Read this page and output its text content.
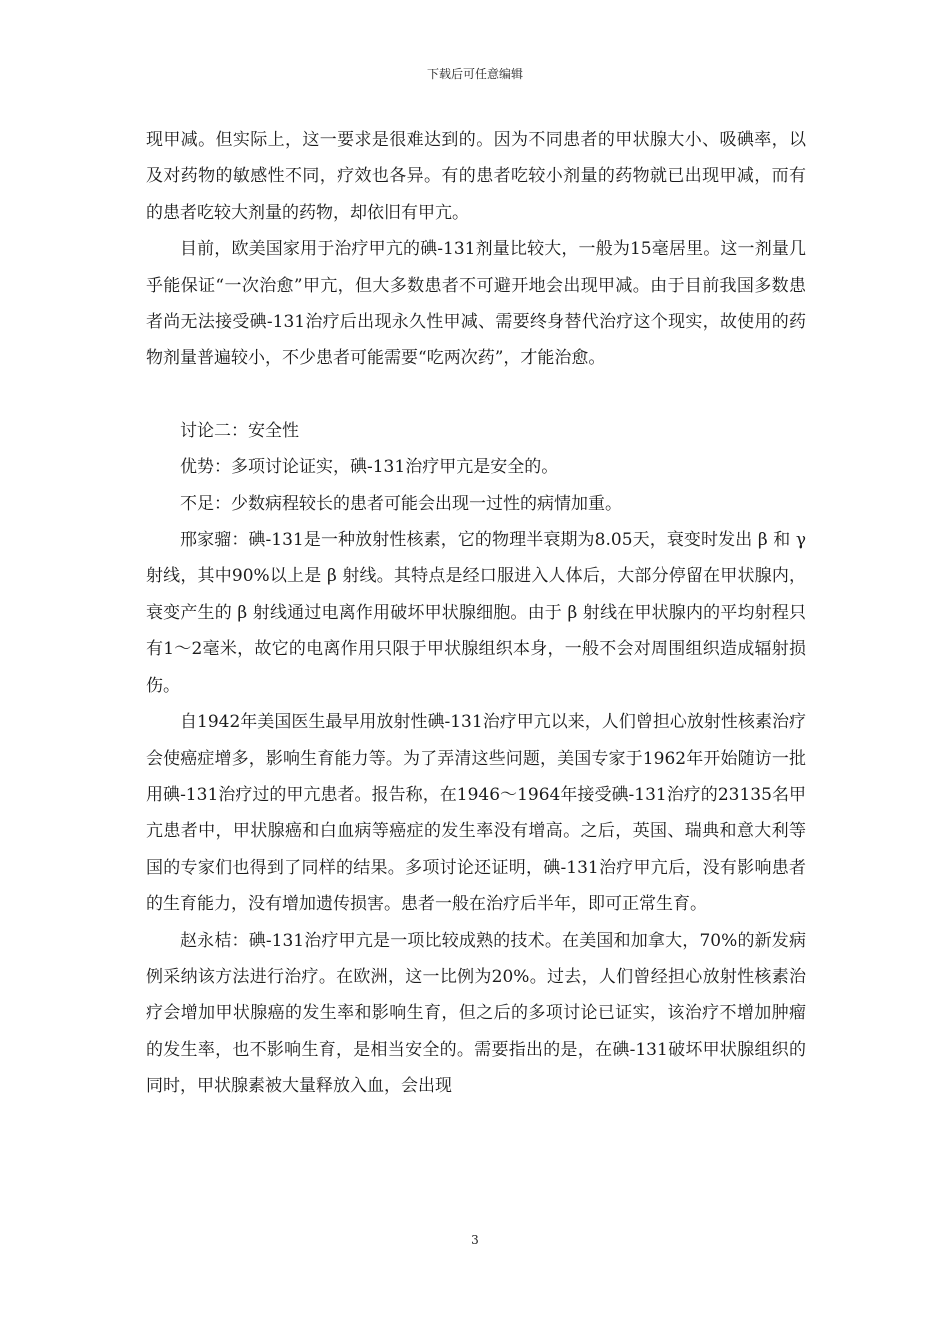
下载后可任意编辑

现甲减。但实际上，这一要求是很难达到的。因为不同患者的甲状腺大小、吸碘率，以及对药物的敏感性不同，疗效也各异。有的患者吃较小剂量的药物就已出现甲减，而有的患者吃较大剂量的药物，却依旧有甲亢。

目前，欧美国家用于治疗甲亢的碘-131剂量比较大，一般为15毫居里。这一剂量几乎能保证“一次治愈”甲亢，但大多数患者不可避开地会出现甲减。由于目前我国多数患者尚无法接受碘-131治疗后出现永久性甲减、需要终身替代治疗这个现实，故使用的药物剂量普遍较小，不少患者可能需要“吃两次药”，才能治愈。

讨论二：安全性

优势：多项讨论证实，碘-131治疗甲亢是安全的。

不足：少数病程较长的患者可能会出现一过性的病情加重。

邢家骝：碘-131是一种放射性核素，它的物理半衰期为8.05天，衰变时发出 β 和 γ 射线，其中90%以上是 β 射线。其特点是经口服进入人体后，大部分停留在甲状腺内，衰变产生的 β 射线通过电离作用破坏甲状腺细胞。由于 β 射线在甲状腺内的平均射程只有1～2毫米，故它的电离作用只限于甲状腺组织本身，一般不会对周围组织造成辐射损伤。

自1942年美国医生最早用放射性碘-131治疗甲亢以来，人们曾担心放射性核素治疗会使癌症增多，影响生育能力等。为了弄清这些问题，美国专家于1962年开始随访一批用碘-131治疗过的甲亢患者。报告称，在1946～1964年接受碘-131治疗的23135名甲亢患者中，甲状腺癌和白血病等癌症的发生率没有增高。之后，英国、瑞典和意大利等国的专家们也得到了同样的结果。多项讨论还证明，碘-131治疗甲亢后，没有影响患者的生育能力，没有增加遗传损害。患者一般在治疗后半年，即可正常生育。

赵永桔：碘-131治疗甲亢是一项比较成熟的技术。在美国和加拿大，70%的新发病例采纳该方法进行治疗。在欧洲，这一比例为20%。过去，人们曾经担心放射性核素治疗会增加甲状腺癌的发生率和影响生育，但之后的多项讨论已证实，该治疗不增加肿瘤的发生率，也不影响生育，是相当安全的。需要指出的是，在碘-131破坏甲状腺组织的同时，甲状腺素被大量释放入血，会出现

3
